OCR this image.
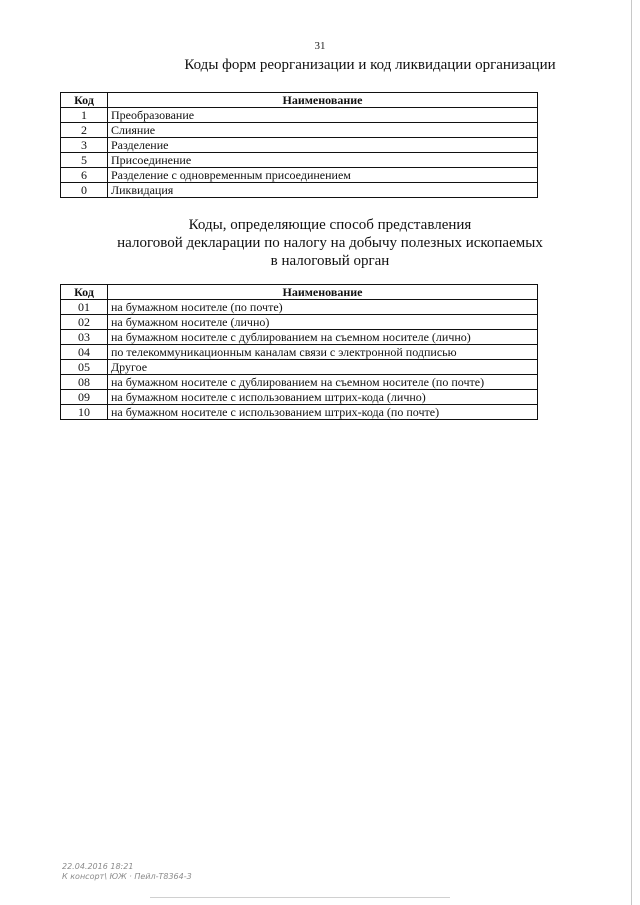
31
Коды форм реорганизации и код ликвидации организации
Код	Наименование
1	Преобразование
2	Слияние
3	Разделение
5	Присоединение
6	Разделение с одновременным присоединением
0	Ликвидация
Коды, определяющие способ представления
налоговой декларации по налогу на добычу полезных ископаемых
в налоговый орган
Код	Наименование
01	на бумажном носителе (по почте)
02	на бумажном носителе (лично)
03	на бумажном носителе с дублированием на съемном носителе (лично)
04	по телекоммуникационным каналам связи с электронной подписью
05	Другое
08	на бумажном носителе с дублированием на съемном носителе (по почте)
09	на бумажном носителе с использованием штрих-кода (лично)
10	на бумажном носителе с использованием штрих-кода (по почте)
22.04.2016 18:21
К консорт\ ЮЖ · Пейл-Т8364-3
